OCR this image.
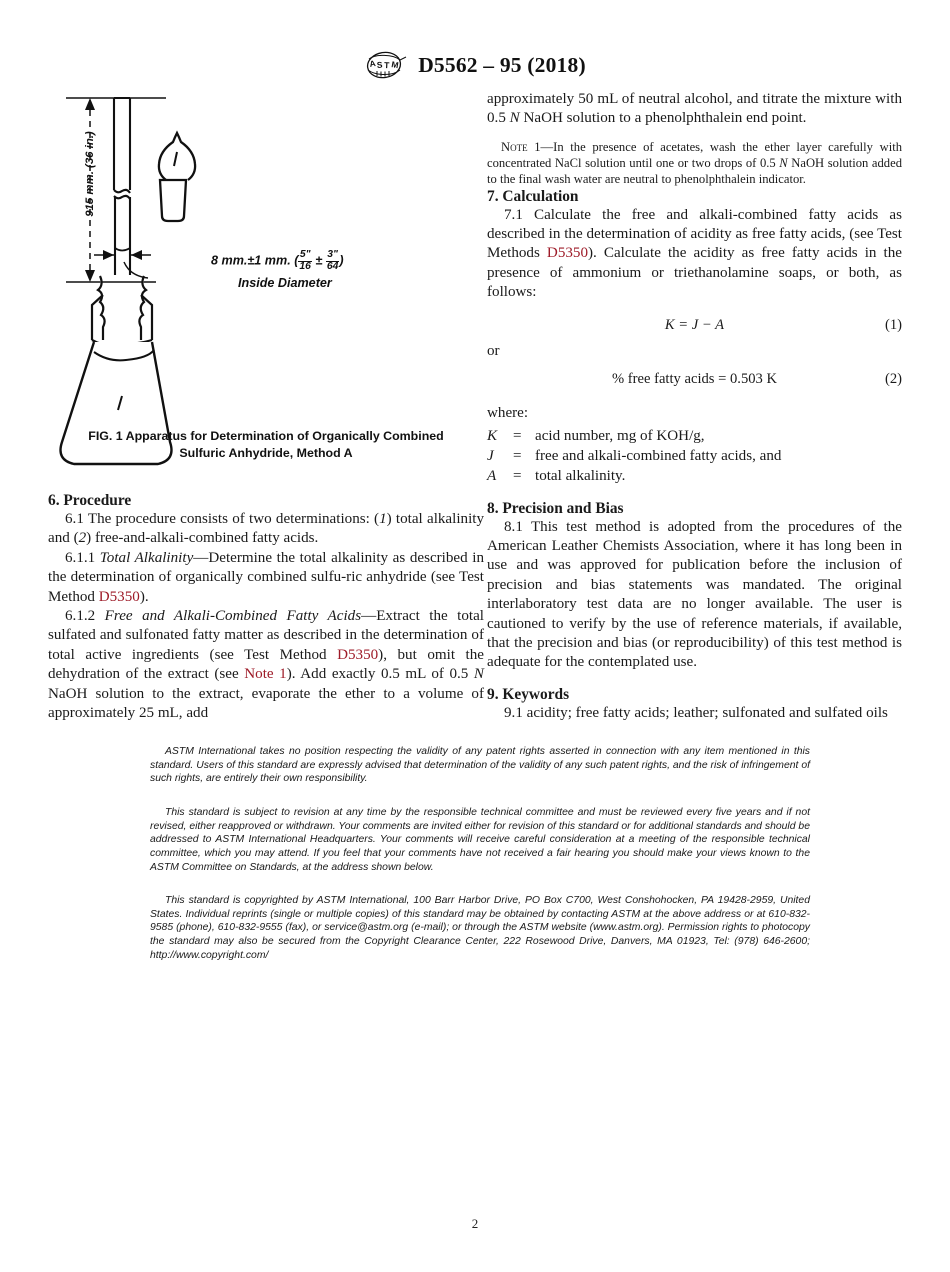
A S T M D5562 – 95 (2018)
915 mm. (36 in.)
8 mm.±1 mm. ( $\frac{5"}{16} \pm \frac{3"}{64}$ )
Inside Diameter
FIG. 1 Apparatus for Determination of Organically Combined
Sulfuric Anhydride, Method A
6. Procedure

6.1 The procedure consists of two determinations: (1) total alkalinity and (2) free-and-alkali-combined fatty acids.

6.1.1 Total Alkalinity—Determine the total alkalinity as described in the determination of organically combined sulfu-ric anhydride (see Test Method D5350).

6.1.2 Free and Alkali-Combined Fatty Acids—Extract the total sulfated and sulfonated fatty matter as described in the determination of total active ingredients (see Test Method D5350), but omit the dehydration of the extract (see Note 1). Add exactly 0.5 mL of 0.5 N NaOH solution to the extract, evaporate the ether to a volume of approximately 25 mL, add

approximately 50 mL of neutral alcohol, and titrate the mixture with 0.5 N NaOH solution to a phenolphthalein end point.

Note 1—In the presence of acetates, wash the ether layer carefully with concentrated NaCl solution until one or two drops of 0.5 N NaOH solution added to the final wash water are neutral to phenolphthalein indicator.

7. Calculation

7.1 Calculate the free and alkali-combined fatty acids as described in the determination of acidity as free fatty acids, (see Test Methods D5350). Calculate the acidity as free fatty acids in the presence of ammonium or triethanolamine soaps, or both, as follows:

K = J − A	(1)

or

% free fatty acids = 0.503 K	(2)

where:

K	= acid number, mg of KOH/g,
J	= free and alkali-combined fatty acids, and
A	= total alkalinity.
8. Precision and Bias

8.1 This test method is adopted from the procedures of the American Leather Chemists Association, where it has long been in use and was approved for publication before the inclusion of precision and bias statements was mandated. The original interlaboratory test data are no longer available. The user is cautioned to verify by the use of reference materials, if available, that the precision and bias (or reproducibility) of this test method is adequate for the contemplated use.

9. Keywords

9.1 acidity; free fatty acids; leather; sulfonated and sulfated oils

ASTM International takes no position respecting the validity of any patent rights asserted in connection with any item mentioned in this standard. Users of this standard are expressly advised that determination of the validity of any such patent rights, and the risk of infringement of such rights, are entirely their own responsibility.

This standard is subject to revision at any time by the responsible technical committee and must be reviewed every five years and if not revised, either reapproved or withdrawn. Your comments are invited either for revision of this standard or for additional standards and should be addressed to ASTM International Headquarters. Your comments will receive careful consideration at a meeting of the responsible technical committee, which you may attend. If you feel that your comments have not received a fair hearing you should make your views known to the ASTM Committee on Standards, at the address shown below.

This standard is copyrighted by ASTM International, 100 Barr Harbor Drive, PO Box C700, West Conshohocken, PA 19428-2959, United States. Individual reprints (single or multiple copies) of this standard may be obtained by contacting ASTM at the above address or at 610-832-9585 (phone), 610-832-9555 (fax), or service@astm.org (e-mail); or through the ASTM website (www.astm.org). Permission rights to photocopy the standard may also be secured from the Copyright Clearance Center, 222 Rosewood Drive, Danvers, MA 01923, Tel: (978) 646-2600; http://www.copyright.com/

2
